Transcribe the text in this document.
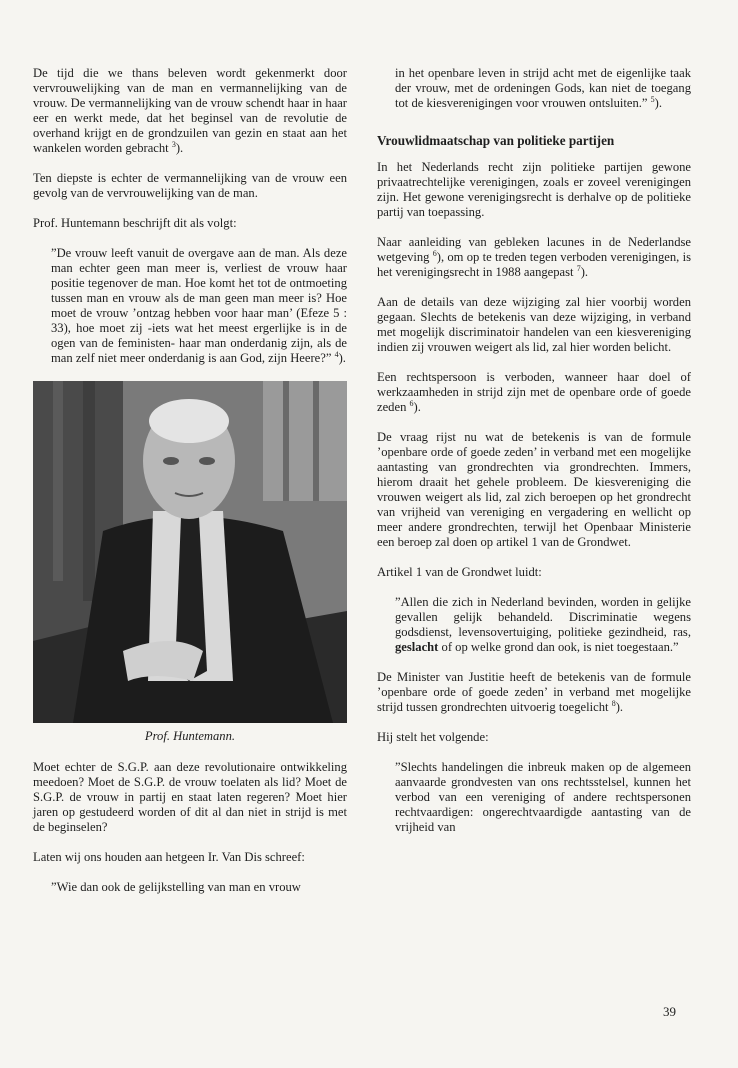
De tijd die we thans beleven wordt gekenmerkt door vervrouwelijking van de man en vermannelijking van de vrouw. De vermannelijking van de vrouw schendt haar in haar eer en werkt mede, dat het beginsel van de revolutie de overhand krijgt en de grondzuilen van gezin en staat aan het wankelen worden gebracht $^3$).

Ten diepste is echter de vermannelijking van de vrouw een gevolg van de vervrouwelijking van de man.

Prof. Huntemann beschrijft dit als volgt:

”De vrouw leeft vanuit de overgave aan de man. Als deze man echter geen man meer is, verliest de vrouw haar positie tegenover de man. Hoe komt het tot de ontmoeting tussen man en vrouw als de man geen man meer is? Hoe moet de vrouw ’ontzag hebben voor haar man’ (Efeze 5 : 33), hoe moet zij -iets wat het meest ergerlijke is in de ogen van de feministen- haar man onderdanig zijn, als de man zelf niet meer onderdanig is aan God, zijn Heere?” $^4$).

Prof. Huntemann.

Moet echter de S.G.P. aan deze revolutionaire ontwikkeling meedoen? Moet de S.G.P. de vrouw toelaten als lid? Moet de S.G.P. de vrouw in partij en staat laten regeren? Moet hier jaren op gestudeerd worden of dit al dan niet in strijd is met de beginselen?

Laten wij ons houden aan hetgeen Ir. Van Dis schreef:

”Wie dan ook de gelijkstelling van man en vrouw

in het openbare leven in strijd acht met de eigenlijke taak der vrouw, met de ordeningen Gods, kan niet de toegang tot de kiesverenigingen voor vrouwen ontsluiten.” $^5$).

Vrouwlidmaatschap van politieke partijen

In het Nederlands recht zijn politieke partijen gewone privaatrechtelijke verenigingen, zoals er zoveel verenigingen zijn. Het gewone verenigingsrecht is derhalve op de politieke partij van toepassing.

Naar aanleiding van gebleken lacunes in de Nederlandse wetgeving $^6$), om op te treden tegen verboden verenigingen, is het verenigingsrecht in 1988 aangepast $^7$).

Aan de details van deze wijziging zal hier voorbij worden gegaan. Slechts de betekenis van deze wijziging, in verband met mogelijk discriminatoir handelen van een kiesvereniging indien zij vrouwen weigert als lid, zal hier worden belicht.

Een rechtspersoon is verboden, wanneer haar doel of werkzaamheden in strijd zijn met de openbare orde of goede zeden $^6$).

De vraag rijst nu wat de betekenis is van de formule ’openbare orde of goede zeden’ in verband met een mogelijke aantasting van grondrechten via grondrechten. Immers, hierom draait het gehele probleem. De kiesvereniging die vrouwen weigert als lid, zal zich beroepen op het grondrecht van vrijheid van vereniging en vergadering en wellicht op meer andere grondrechten, terwijl het Openbaar Ministerie een beroep zal doen op artikel 1 van de Grondwet.

Artikel 1 van de Grondwet luidt:

”Allen die zich in Nederland bevinden, worden in gelijke gevallen gelijk behandeld. Discriminatie wegens godsdienst, levensovertuiging, politieke gezindheid, ras, geslacht of op welke grond dan ook, is niet toegestaan.”

De Minister van Justitie heeft de betekenis van de formule ’openbare orde of goede zeden’ in verband met mogelijke strijd tussen grondrechten uitvoerig toegelicht $^8$).

Hij stelt het volgende:

”Slechts handelingen die inbreuk maken op de algemeen aanvaarde grondvesten van ons rechtsstelsel, kunnen het verbod van een vereniging of andere rechtspersonen rechtvaardigen: ongerechtvaardigde aantasting van de vrijheid van

39
